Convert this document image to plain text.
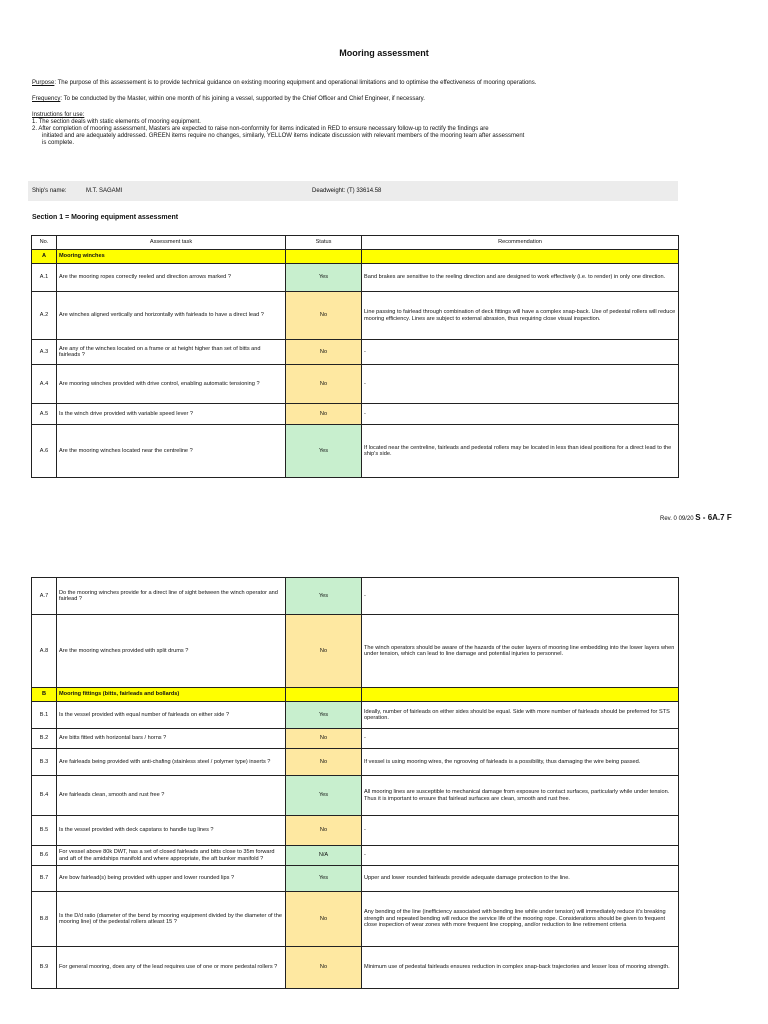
Mooring assessment
Purpose: The purpose of this assessement is to provide technical guidance on existing mooring equipment and operational limitations and to optimise the effectiveness of mooring operations.
Frequency: To be conducted by the Master, within one month of his joining a vessel, supported by the Chief Officer and Chief Engineer, if necessary.
Instructions for use:
1. The section deals with static elements of mooring equipment.
2. After completion of mooring assessment, Masters are expected to raise non-conformity for items indicated in RED to ensure necessary follow-up to rectify the findings are
initiated and are adequately addressed. GREEN items require no changes, similarly, YELLOW items indicate discussion with relevant members of the mooring team after assessment
is complete.
Ship's name:	M.T. SAGAMI	Deadweight: (T) 33614.58
Section 1 = Mooring equipment assessment
No.	Assessment task	Status	Recommendation
A	Mooring winches		
A.1	Are the mooring ropes correctly reeled and direction arrows marked ?	Yes	Band brakes are sensitive to the reeling direction and are designed to work effectively (i.e. to render) in only one direction.
A.2	Are winches aligned vertically and horizontally with fairleads to have a direct lead ?	No	Line passing to fairlead through combination of deck fittings will have a complex snap-back. Use of pedestal rollers will reduce mooring efficiency. Lines are subject to external abrasion, thus requiring close visual inspection.
A.3	Are any of the winches located on a frame or at height higher than set of bitts and fairleads ?	No	-
A.4	Are mooring winches provided with drive control, enabling automatic tensioning ?	No	-
A.5	Is the winch drive provided with variable speed lever ?	No	-
A.6	Are the mooring winches located near the centreline ?	Yes	If located near the centreline, fairleads and pedestal rollers may be located in less than ideal positions for a direct lead to the ship's side.
Rev. 0 09/20 S - 6A.7 F
A.7	Do the mooring winches provide for a direct line of sight between the winch operator and fairlead ?	Yes	-
A.8	Are the mooring winches provided with split drums ?	No	The winch operators should be aware of the hazards of the outer layers of mooring line embedding into the lower layers when under tension, which can lead to line damage and potential injuries to personnel.
B	Mooring fittings (bitts, fairleads and bollards)		
B.1	Is the vessel provided with equal number of fairleads on either side ?	Yes	Ideally, number of fairleads on either sides should be equal. Side with more number of fairleads should be preferred for STS operation.
B.2	Are bitts fitted with horizontal bars / horns ?	No	-
B.3	Are fairleads being provided with anti-chafing (stainless steel / polymer type) inserts ?	No	If vessel is using mooring wires, the ngrooving of fairleads is a possibility, thus damaging the wire being passed.
B.4	Are fairleads clean, smooth and rust free ?	Yes	All mooring lines are susceptible to mechanical damage from exposure to contact surfaces, particularly while under tension. Thus it is important to ensure that fairlead surfaces are clean, smooth and rust free.
B.5	Is the vessel provided with deck capstans to handle tug lines ?	No	-
B.6	For vessel above 80k DWT, has a set of closed fairleads and bitts close to 35m forward and aft of the amidships manifold and where appropriate, the aft bunker manifold ?	N/A	-
B.7	Are bow fairlead(s) being provided with upper and lower rounded lips ?	Yes	Upper and lower rounded fairleads provide adequate damage protection to the line.
B.8	Is the D/d ratio (diameter of the bend by mooring equipment divided by the diameter of the mooring line) of the pedestal rollers atleast 15 ?	No	Any bending of the line (inefficiency associated with bending line while under tension) will immediately reduce it's breaking strength and repeated bending will reduce the service life of the mooring rope. Considerations should be given to frequent close inspection of wear zones with more frequent line cropping, and/or reduction to line retirement criteria
B.9	For general mooring, does any of the lead requires use of one or more pedestal rollers ?	No	Minimum use of pedestal fairleads ensures reduction in complex snap-back trajectories and lesser loss of mooring strength.
